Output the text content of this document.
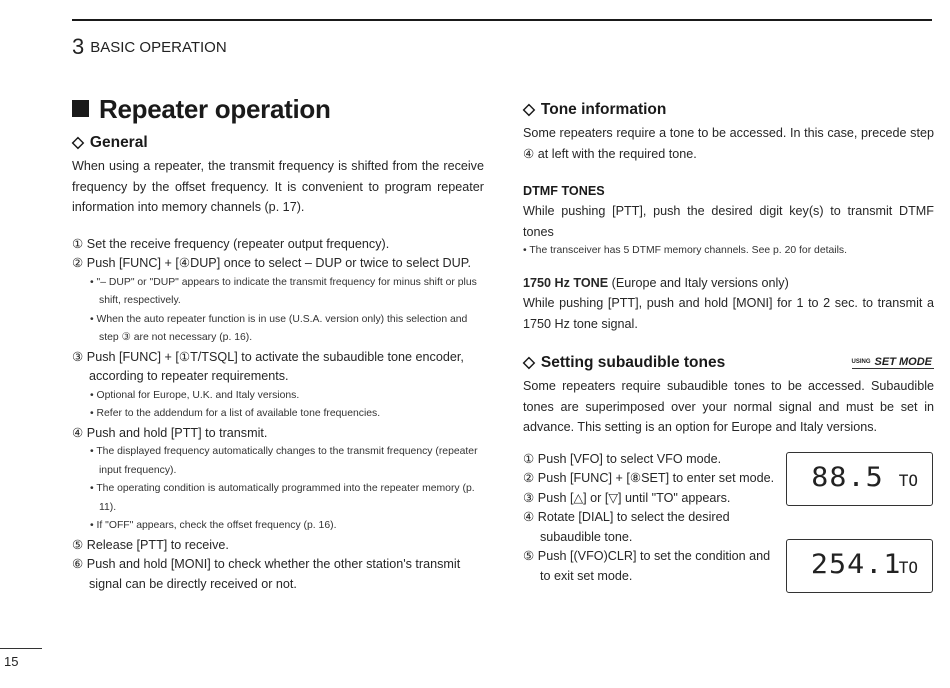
3 BASIC OPERATION
Repeater operation
◇ General

When using a repeater, the transmit frequency is shifted from the receive frequency by the offset frequency. It is convenient to program repeater information into memory channels (p. 17).

① Set the receive frequency (repeater output frequency).

② Push [FUNC] + [④DUP] once to select – DUP or twice to select DUP.

• "– DUP" or "DUP" appears to indicate the transmit frequency for minus shift or plus shift, respectively.

• When the auto repeater function is in use (U.S.A. version only) this selection and step ③ are not necessary (p. 16).

③ Push [FUNC] + [①T/TSQL] to activate the subaudible tone encoder, according to repeater requirements.

• Optional for Europe, U.K. and Italy versions.

• Refer to the addendum for a list of available tone frequencies.

④ Push and hold [PTT] to transmit.

• The displayed frequency automatically changes to the transmit frequency (repeater input frequency).

• The operating condition is automatically programmed into the repeater memory (p. 11).

• If "OFF" appears, check the offset frequency (p. 16).

⑤ Release [PTT] to receive.

⑥ Push and hold [MONI] to check whether the other station's transmit signal can be directly received or not.

◇ Tone information

Some repeaters require a tone to be accessed. In this case, precede step ④ at left with the required tone.

DTMF TONES

While pushing [PTT], push the desired digit key(s) to transmit DTMF tones

• The transceiver has 5 DTMF memory channels. See p. 20 for details.

1750 Hz TONE (Europe and Italy versions only)

While pushing [PTT], push and hold [MONI] for 1 to 2 sec. to transmit a 1750 Hz tone signal.

USING SET MODE
◇ Setting subaudible tones

Some repeaters require subaudible tones to be accessed. Subaudible tones are superimposed over your normal signal and must be set in advance. This setting is an option for Europe and Italy versions.

① Push [VFO] to select VFO mode.

② Push [FUNC] + [⑧SET] to enter set mode.

③ Push [△] or [▽] until "TO" appears.

④ Rotate [DIAL] to select the desired subaudible tone.

⑤ Push [(VFO)CLR] to set the condition and to exit set mode.

88.5 TO
254.1
TO
15
